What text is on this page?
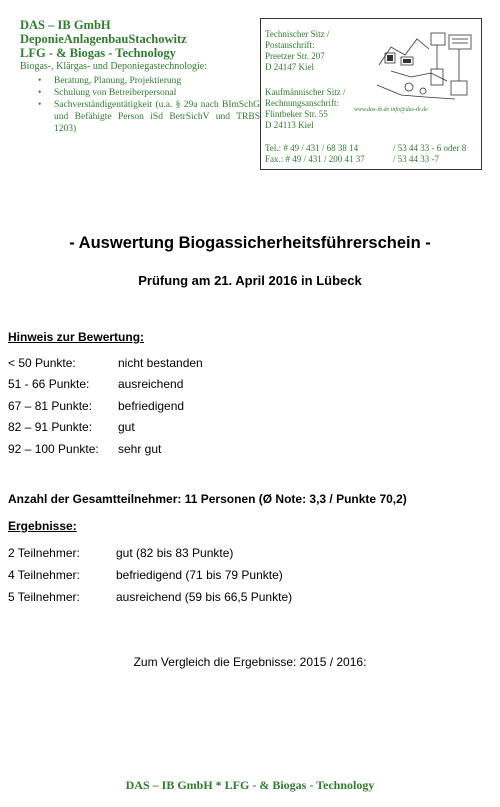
DAS – IB GmbH
DeponieAnlagenbauStachowitz
LFG - & Biogas - Technology
Biogas-, Klärgas- und Deponiegastechnologie:
• Beratung, Planung, Projektierung
• Schulung von Betreiberpersonal
• Sachverständigentätigkeit (u.a. § 29a nach BImSchG und Befähigte Person iSd BetrSichV und TRBS 1203)
Technischer Sitz /
Postanschrift:
Preetzer Str. 207
D 24147 Kiel
Kaufmännischer Sitz /
Rechnungsanschrift:
Flintbeker Str. 55
D 24113 Kiel
www.das-ib.de info@das-ib.de
Tel.: # 49 / 431 / 68 38 14	/ 53 44 33 - 6 oder 8
Fax.: # 49 / 431 / 200 41 37	/ 53 44 33 -7
- Auswertung Biogassicherheitsführerschein -
Prüfung am 21. April 2016 in Lübeck
Hinweis zur Bewertung:
< 50 Punkte:	nicht bestanden
51 - 66 Punkte: ausreichend
67 – 81 Punkte: befriedigend
82 – 91 Punkte: gut
92 – 100 Punkte: sehr gut
Anzahl der Gesamtteilnehmer: 11 Personen (Ø Note: 3,3 / Punkte 70,2)
Ergebnisse:
2 Teilnehmer:	gut (82 bis 83 Punkte)
4 Teilnehmer:	befriedigend (71 bis 79 Punkte)
5 Teilnehmer:	ausreichend (59 bis 66,5 Punkte)
Zum Vergleich die Ergebnisse: 2015 / 2016:
DAS – IB GmbH * LFG - & Biogas - Technology
